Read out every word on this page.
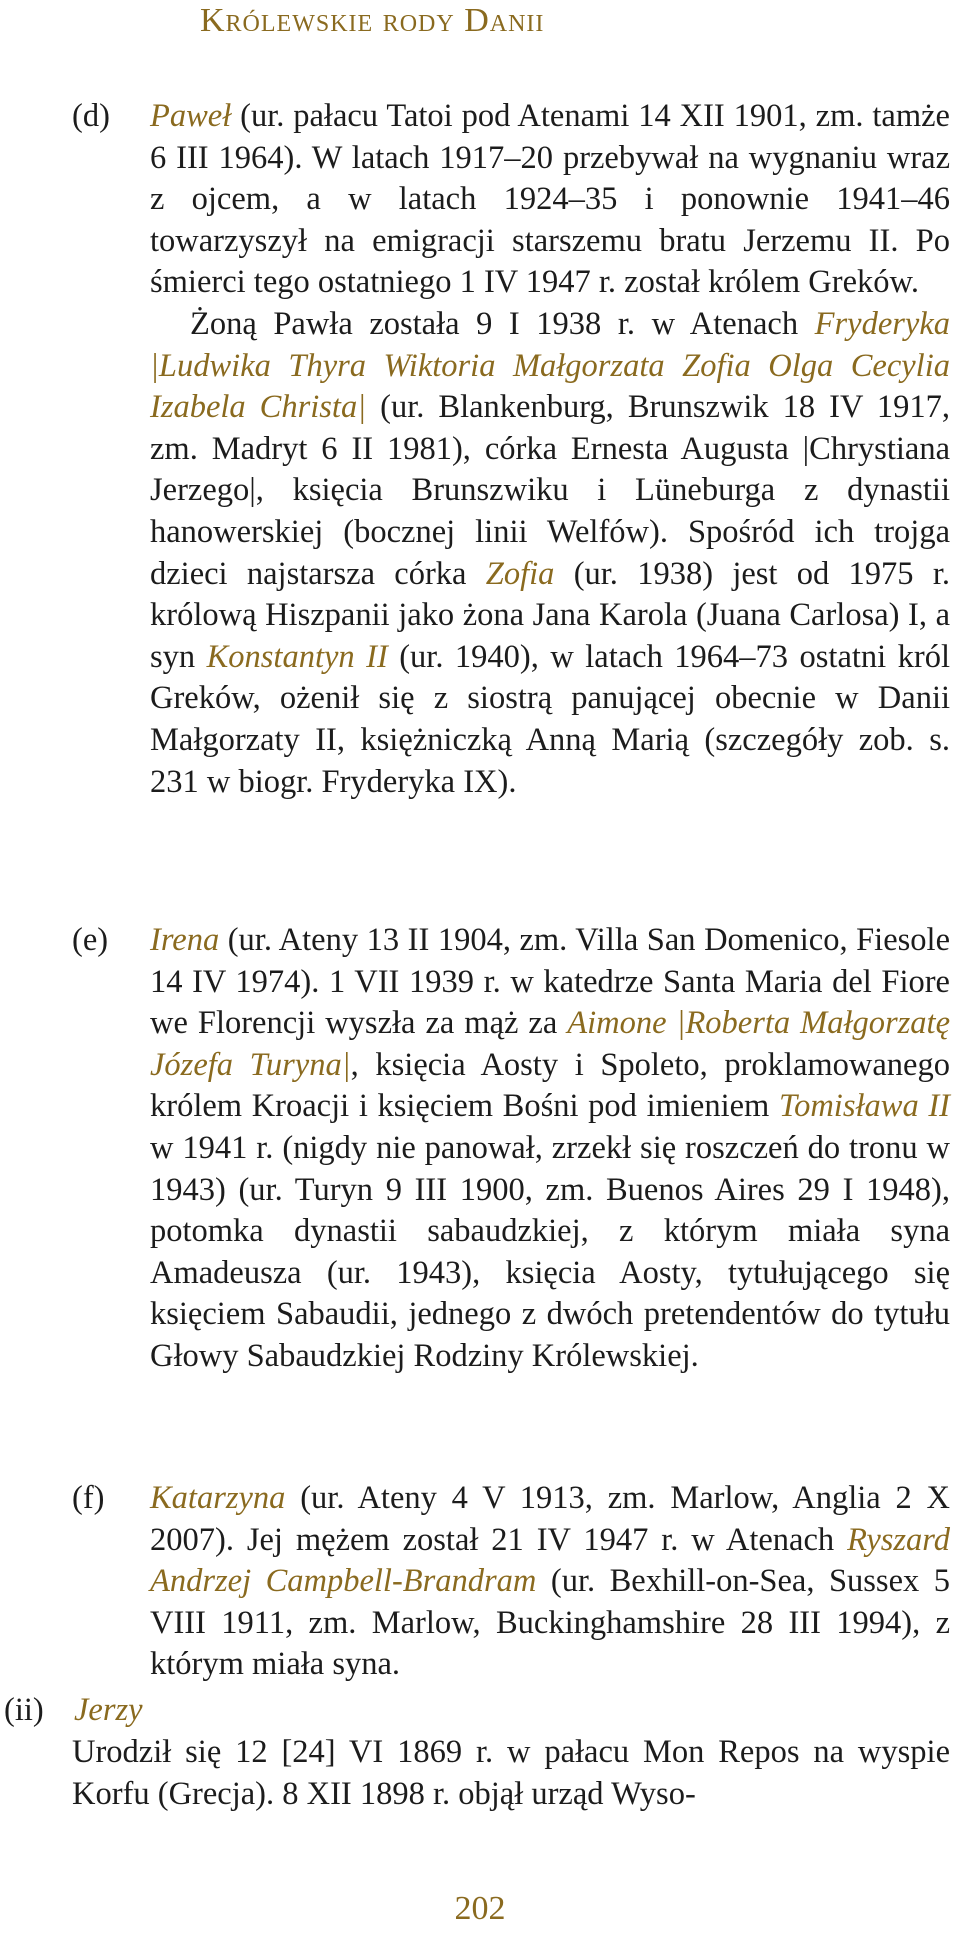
Królewskie rody Danii
(d) Paweł (ur. pałacu Tatoi pod Atenami 14 XII 1901, zm. tamże 6 III 1964). W latach 1917–20 przebywał na wygnaniu wraz z ojcem, a w latach 1924–35 i ponownie 1941–46 towarzyszył na emigracji starszemu bratu Jerzemu II. Po śmierci tego ostatniego 1 IV 1947 r. został królem Greków.

Żoną Pawła została 9 I 1938 r. w Atenach Fryderyka |Ludwika Thyra Wiktoria Małgorzata Zofia Olga Cecylia Izabela Christa| (ur. Blankenburg, Brunszwik 18 IV 1917, zm. Madryt 6 II 1981), córka Ernesta Augusta |Chrystiana Jerzego|, księcia Brunszwiku i Lüneburga z dynastii hanowerskiej (bocznej linii Welfów). Spośród ich trojga dzieci najstarsza córka Zofia (ur. 1938) jest od 1975 r. królową Hiszpanii jako żona Jana Karola (Juana Carlosa) I, a syn Konstantyn II (ur. 1940), w latach 1964–73 ostatni król Greków, ożenił się z siostrą panującej obecnie w Danii Małgorzaty II, księżniczką Anną Marią (szczegóły zob. s. 231 w biogr. Fryderyka IX).

(e) Irena (ur. Ateny 13 II 1904, zm. Villa San Domenico, Fiesole 14 IV 1974). 1 VII 1939 r. w katedrze Santa Maria del Fiore we Florencji wyszła za mąż za Aimone |Roberta Małgorzatę Józefa Turyna|, księcia Aosty i Spoleto, proklamowanego królem Kroacji i księciem Bośni pod imieniem Tomisława II w 1941 r. (nigdy nie panował, zrzekł się roszczeń do tronu w 1943) (ur. Turyn 9 III 1900, zm. Buenos Aires 29 I 1948), potomka dynastii sabaudzkiej, z którym miała syna Amadeusza (ur. 1943), księcia Aosty, tytułującego się księciem Sabaudii, jednego z dwóch pretendentów do tytułu Głowy Sabaudzkiej Rodziny Królewskiej.

(f) Katarzyna (ur. Ateny 4 V 1913, zm. Marlow, Anglia 2 X 2007). Jej mężem został 21 IV 1947 r. w Atenach Ryszard Andrzej Campbell-Brandram (ur. Bexhill-on-Sea, Sussex 5 VIII 1911, zm. Marlow, Buckinghamshire 28 III 1994), z którym miała syna.

(ii) Jerzy
Urodził się 12 [24] VI 1869 r. w pałacu Mon Repos na wyspie Korfu (Grecja). 8 XII 1898 r. objął urząd Wyso-
202
